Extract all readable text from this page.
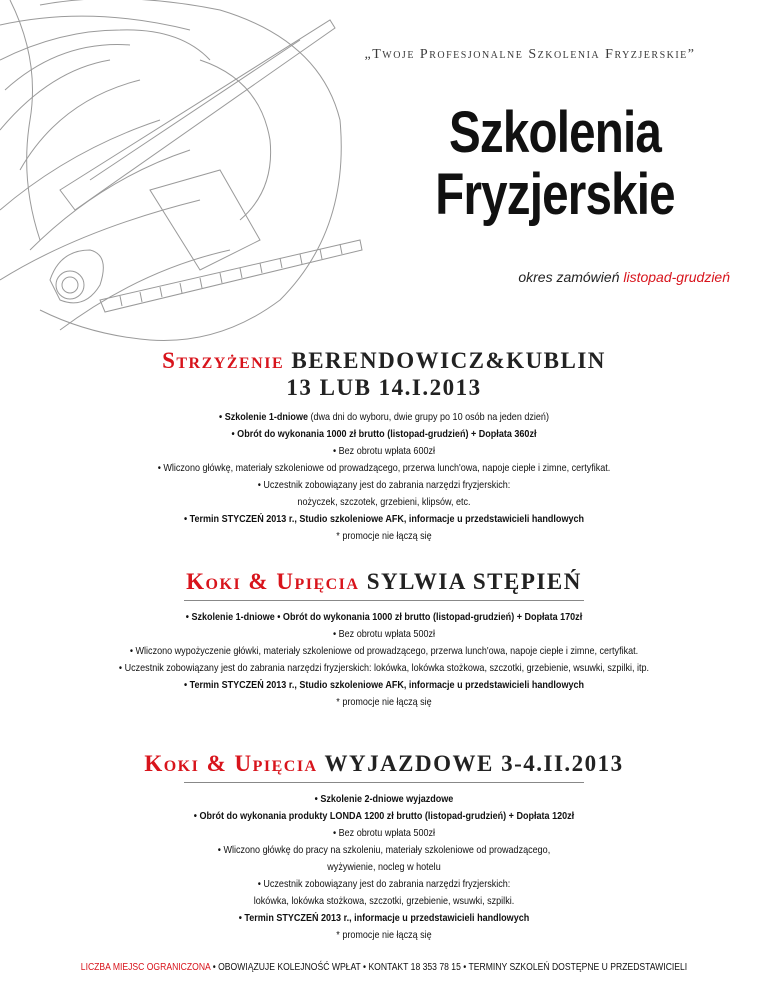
„Twoje Profesjonalne Szkolenia Fryzjerskie”
Szkolenia
Fryzjerskie
okres zamówień listopad-grudzień
Strzyżenie BERENDOWICZ&KUBLIN
13 LUB 14.I.2013
• Szkolenie 1-dniowe (dwa dni do wyboru, dwie grupy po 10 osób na jeden dzień)
• Obrót do wykonania 1000 zł brutto (listopad-grudzień) + Dopłata 360zł
• Bez obrotu wpłata 600zł
• Wliczono główkę, materiały szkoleniowe od prowadzącego, przerwa lunch'owa, napoje ciepłe i zimne, certyfikat.
• Uczestnik zobowiązany jest do zabrania narzędzi fryzjerskich:
nożyczek, szczotek, grzebieni, klipsów, etc.
• Termin STYCZEŃ 2013 r., Studio szkoleniowe AFK, informacje u przedstawicieli handlowych
* promocje nie łączą się
Koki & Upięcia SYLWIA STĘPIEŃ
• Szkolenie 1-dniowe • Obrót do wykonania 1000 zł brutto (listopad-grudzień) + Dopłata 170zł
• Bez obrotu wpłata 500zł
• Wliczono wypożyczenie główki, materiały szkoleniowe od prowadzącego, przerwa lunch'owa, napoje ciepłe i zimne, certyfikat.
• Uczestnik zobowiązany jest do zabrania narzędzi fryzjerskich: lokówka, lokówka stożkowa, szczotki, grzebienie, wsuwki, szpilki, itp.
• Termin STYCZEŃ 2013 r., Studio szkoleniowe AFK, informacje u przedstawicieli handlowych
* promocje nie łączą się
Koki & Upięcia WYJAZDOWE 3-4.II.2013
• Szkolenie 2-dniowe wyjazdowe
• Obrót do wykonania produkty LONDA 1200 zł brutto (listopad-grudzień) + Dopłata 120zł
• Bez obrotu wpłata 500zł
• Wliczono główkę do pracy na szkoleniu, materiały szkoleniowe od prowadzącego,
wyżywienie, nocleg w hotelu
• Uczestnik zobowiązany jest do zabrania narzędzi fryzjerskich:
lokówka, lokówka stożkowa, szczotki, grzebienie, wsuwki, szpilki.
• Termin STYCZEŃ 2013 r., informacje u przedstawicieli handlowych
* promocje nie łączą się
LICZBA MIEJSC OGRANICZONA • OBOWIĄZUJE KOLEJNOŚĆ WPŁAT • KONTAKT 18 353 78 15 • TERMINY SZKOLEŃ DOSTĘPNE U PRZEDSTAWICIELI
